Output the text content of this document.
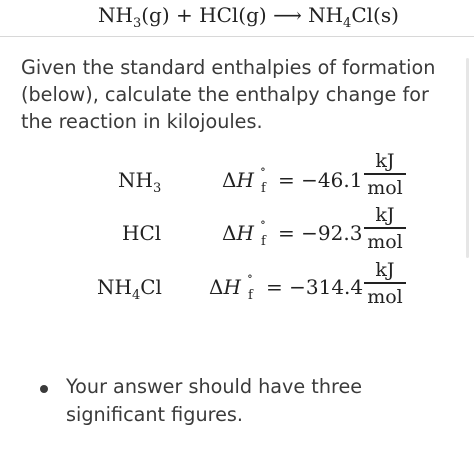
$NH_3(g) + HCl(g)$ ⟶ $NH_4Cl(s)$
Given the standard enthalpies of formation (below), calculate the enthalpy change for the reaction in kilojoules.
$NH_3$	ΔH ∘
f = −46.1
kJ
mol
HCl	ΔH ∘
f = −92.3
kJ
mol
$NH_4Cl$ ΔH ∘
f = −314.4
kJ
mol
Your answer should have three significant figures.
